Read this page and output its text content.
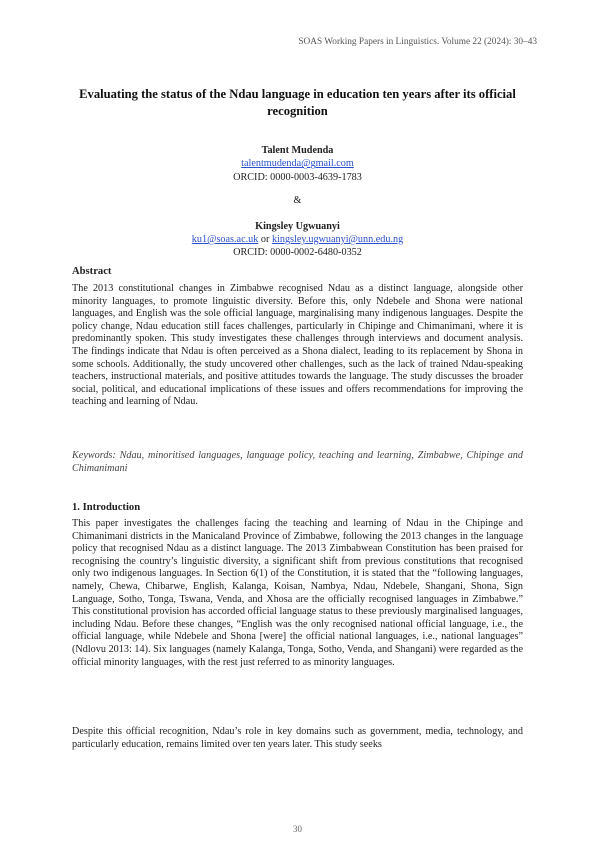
SOAS Working Papers in Linguistics. Volume 22 (2024): 30–43
Evaluating the status of the Ndau language in education ten years after its official recognition
Talent Mudenda
talentmudenda@gmail.com
ORCID: 0000-0003-4639-1783
&
Kingsley Ugwuanyi
ku1@soas.ac.uk or kingsley.ugwuanyi@unn.edu.ng
ORCID: 0000-0002-6480-0352
Abstract
The 2013 constitutional changes in Zimbabwe recognised Ndau as a distinct language, alongside other minority languages, to promote linguistic diversity. Before this, only Ndebele and Shona were national languages, and English was the sole official language, marginalising many indigenous languages. Despite the policy change, Ndau education still faces challenges, particularly in Chipinge and Chimanimani, where it is predominantly spoken. This study investigates these challenges through interviews and document analysis. The findings indicate that Ndau is often perceived as a Shona dialect, leading to its replacement by Shona in some schools. Additionally, the study uncovered other challenges, such as the lack of trained Ndau-speaking teachers, instructional materials, and positive attitudes towards the language. The study discusses the broader social, political, and educational implications of these issues and offers recommendations for improving the teaching and learning of Ndau.
Keywords: Ndau, minoritised languages, language policy, teaching and learning, Zimbabwe, Chipinge and Chimanimani
1. Introduction
This paper investigates the challenges facing the teaching and learning of Ndau in the Chipinge and Chimanimani districts in the Manicaland Province of Zimbabwe, following the 2013 changes in the language policy that recognised Ndau as a distinct language. The 2013 Zimbabwean Constitution has been praised for recognising the country’s linguistic diversity, a significant shift from previous constitutions that recognised only two indigenous languages. In Section 6(1) of the Constitution, it is stated that the “following languages, namely, Chewa, Chibarwe, English, Kalanga, Koisan, Nambya, Ndau, Ndebele, Shangani, Shona, Sign Language, Sotho, Tonga, Tswana, Venda, and Xhosa are the officially recognised languages in Zimbabwe.” This constitutional provision has accorded official language status to these previously marginalised languages, including Ndau. Before these changes, “English was the only recognised national official language, i.e., the official language, while Ndebele and Shona [were] the official national languages, i.e., national languages” (Ndlovu 2013: 14). Six languages (namely Kalanga, Tonga, Sotho, Venda, and Shangani) were regarded as the official minority languages, with the rest just referred to as minority languages.
Despite this official recognition, Ndau’s role in key domains such as government, media, technology, and particularly education, remains limited over ten years later. This study seeks
30
